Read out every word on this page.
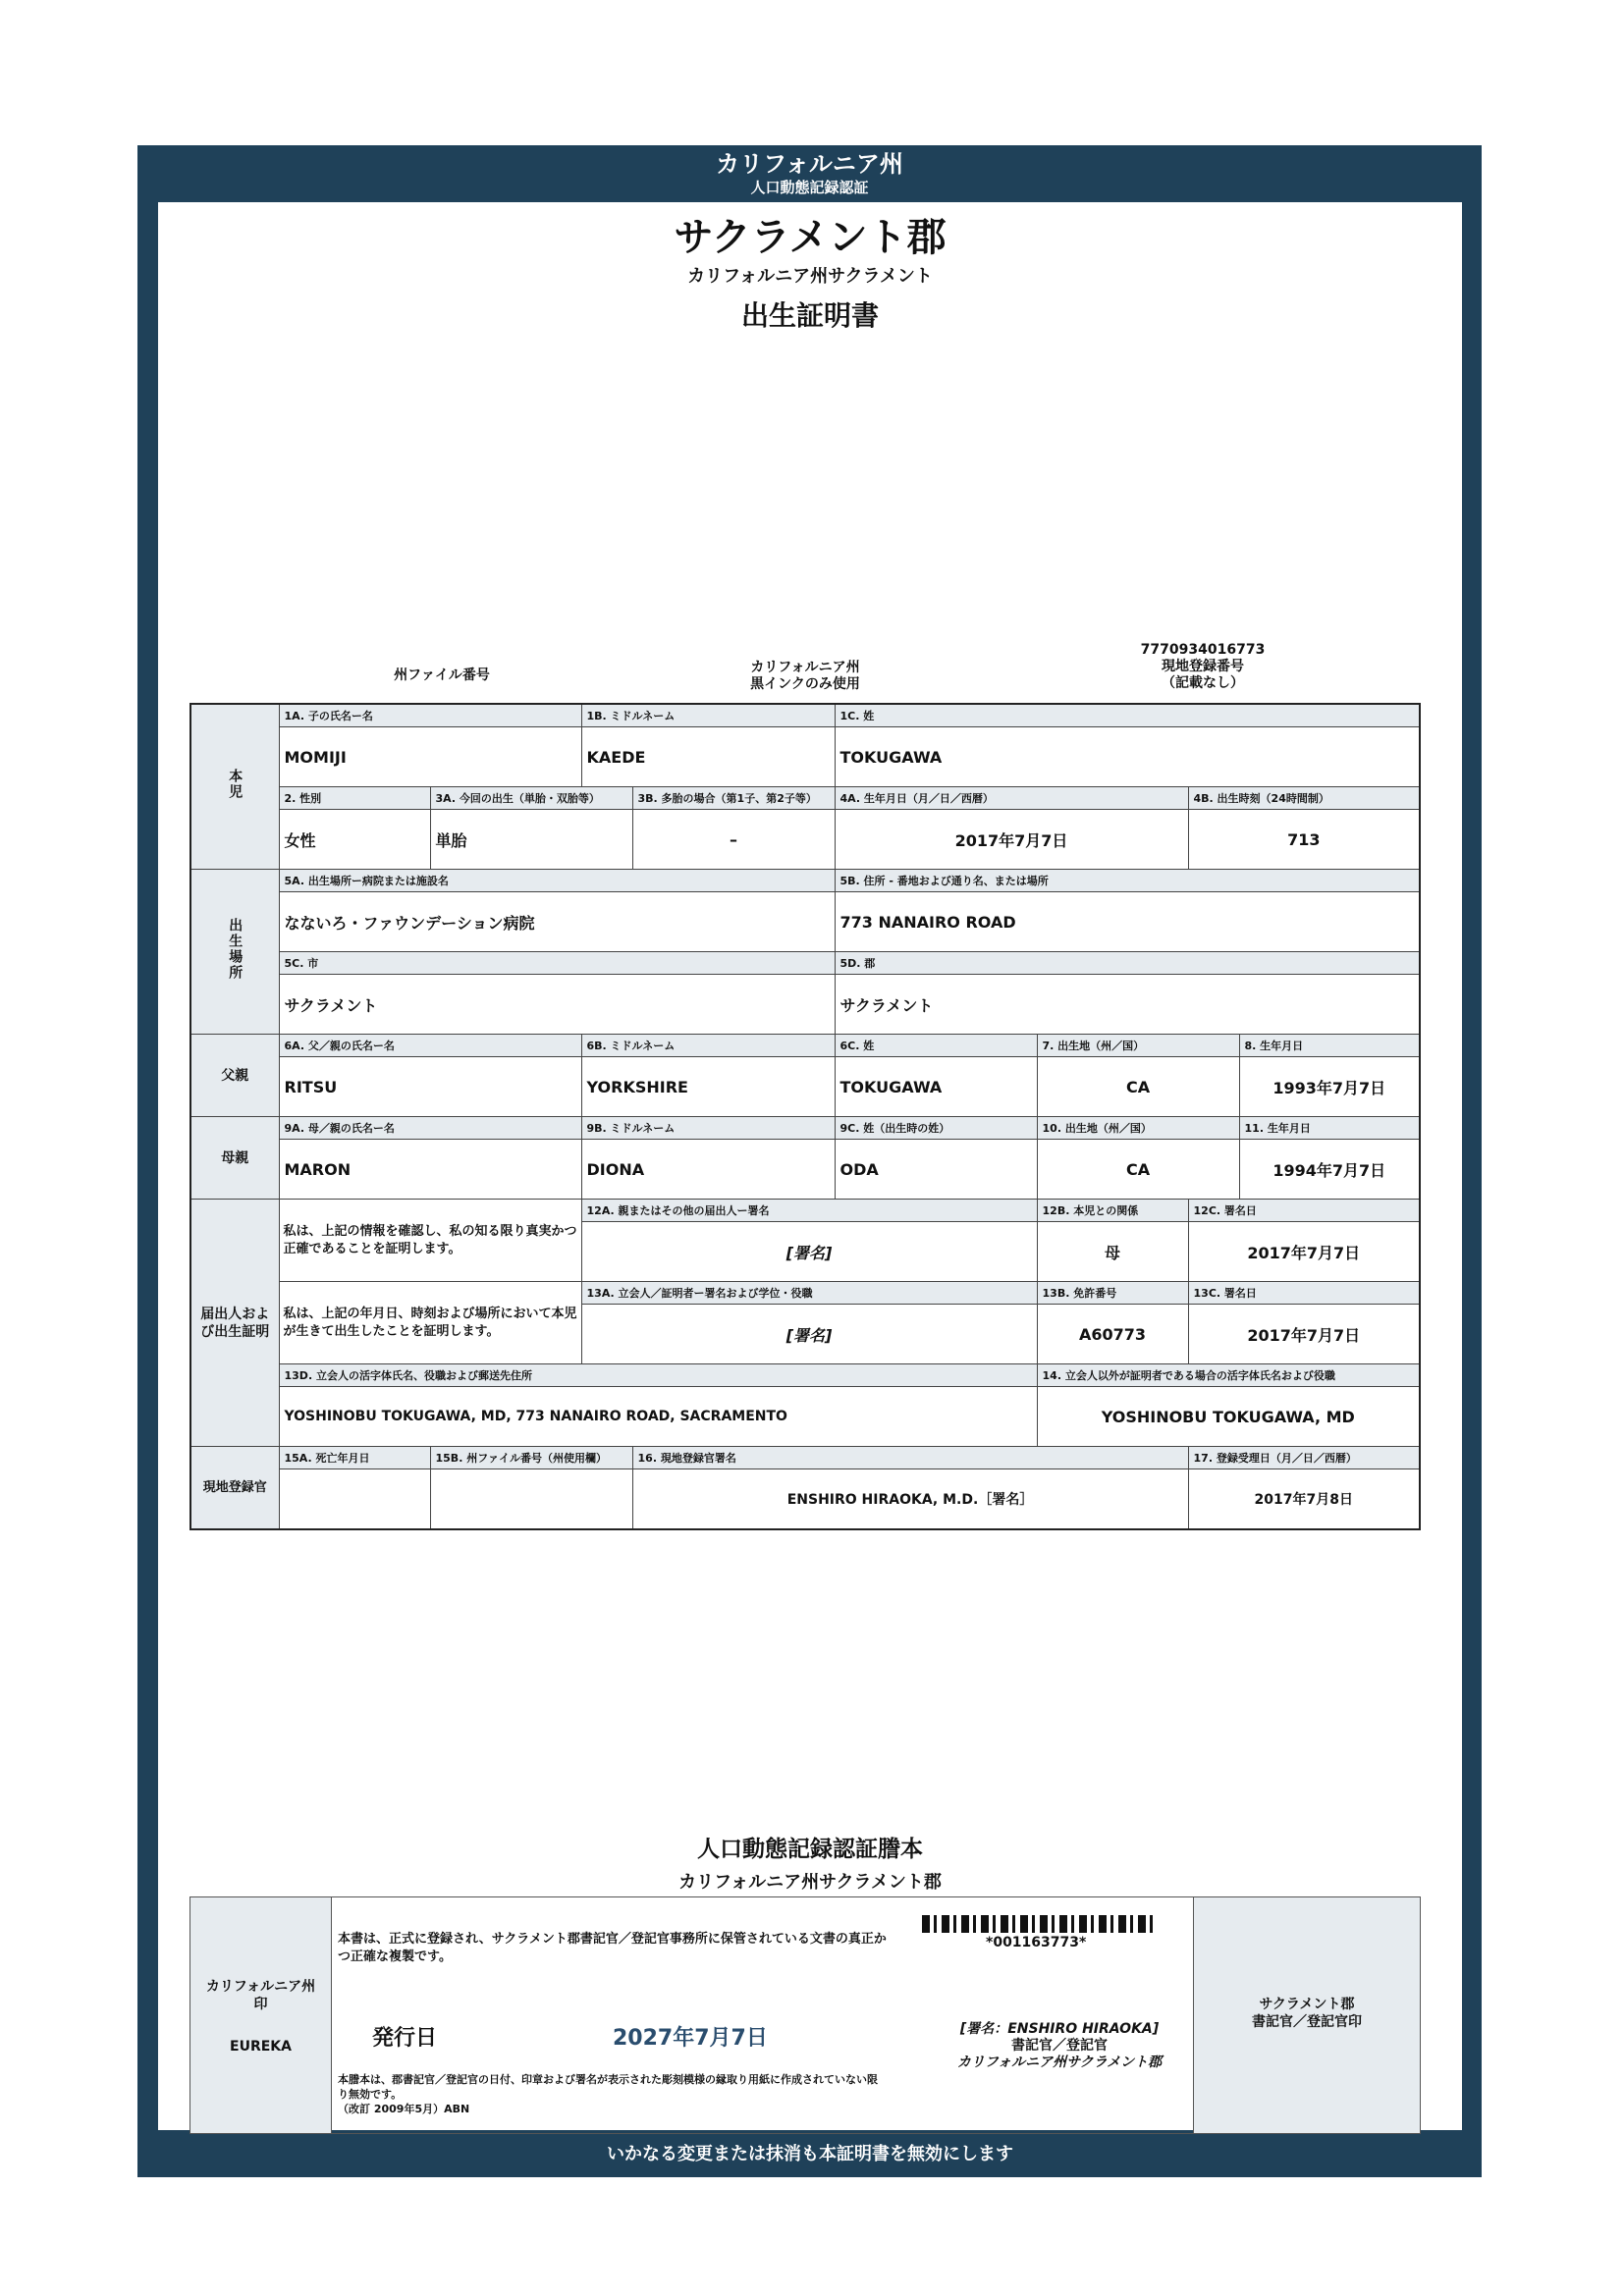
カリフォルニア州
人口動態記録認証
サクラメント郡
カリフォルニア州サクラメント
出生証明書
州ファイル番号	カリフォルニア州
黒インクのみ使用
7770934016773
現地登録番号
（記載なし）
本児	1A. 子の氏名ー名		1B. ミドルネーム		1C. 姓			
	MOMIJI		KAEDE		TOKUGAWA			
	2. 性別	3A. 今回の出生（単胎・双胎等）		3B. 多胎の場合（第1子、第2子等）	4A. 生年月日（月／日／西暦）		4B. 出生時刻（24時間制）	
	女性	単胎		–	2017年7月7日		713	
出生場所	5A. 出生場所ー病院または施設名				5B. 住所 - 番地および通り名、または場所			
	なないろ・ファウンデーション病院				773 NANAIRO ROAD			
	5C. 市				5D. 郡			
	サクラメント				サクラメント			
父親	6A. 父／親の氏名ー名		6B. ミドルネーム		6C. 姓	7. 出生地（州／国）		8. 生年月日
	RITSU		YORKSHIRE		TOKUGAWA	CA		1993年7月7日
母親	9A. 母／親の氏名ー名		9B. ミドルネーム		9C. 姓（出生時の姓）	10. 出生地（州／国）		11. 生年月日
	MARON		DIONA		ODA	CA		1994年7月7日
届出人および出生証明	私は、上記の情報を確認し、私の知る限り真実かつ正確であることを証明します。		12A. 親またはその他の届出人ー署名			12B. 本児との関係	12C. 署名日	
			[署名]			母	2017年7月7日	
	私は、上記の年月日、時刻および場所において本児が生きて出生したことを証明します。		13A. 立会人／証明者ー署名および学位・役職			13B. 免許番号	13C. 署名日	
			[署名]			A60773	2017年7月7日	
	13D. 立会人の活字体氏名、役職および郵送先住所					14. 立会人以外が証明者である場合の活字体氏名および役職		
	YOSHINOBU TOKUGAWA, MD, 773 NANAIRO ROAD, SACRAMENTO					YOSHINOBU TOKUGAWA, MD		
現地登録官	15A. 死亡年月日	15B. 州ファイル番号（州使用欄）		16. 現地登録官署名			17. 登録受理日（月／日／西暦）	
				ENSHIRO HIRAOKA, M.D.［署名］			2017年7月8日	
人口動態記録認証謄本
カリフォルニア州サクラメント郡
カリフォルニア州
印
EUREKA
本書は、正式に登録され、サクラメント郡書記官／登記官事務所に保管されている文書の真正かつ正確な複製です。
発行日	2027年7月7日
本謄本は、郡書記官／登記官の日付、印章および署名が表示された彫刻模様の縁取り用紙に作成されていない限り無効です。
（改訂 2009年5月）ABN
*001163773*
[署名：ENSHIRO HIRAOKA]
書記官／登記官
カリフォルニア州サクラメント郡
サクラメント郡
書記官／登記官印
いかなる変更または抹消も本証明書を無効にします
